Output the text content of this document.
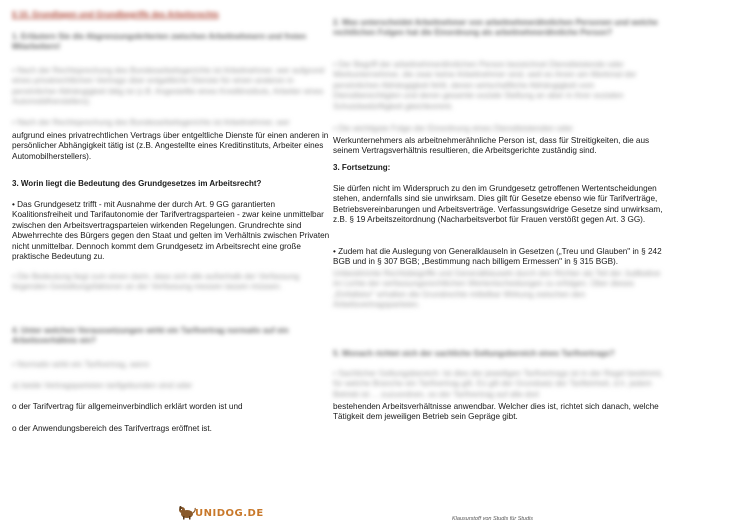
§ 10. Grundlagen und Grundbegriffe des Arbeitsrechts

1. Erläutern Sie die Abgrenzungskriterien zwischen Arbeitnehmern und freien Mitarbeitern!

• Nach der Rechtsprechung des Bundesarbeitsgerichts ist Arbeitnehmer, wer aufgrund eines privatrechtlichen Vertrags über entgeltliche Dienste für einen anderen in persönlicher Abhängigkeit tätig ist (z.B. Angestellte eines Kreditinstituts, Arbeiter eines Automobilherstellers).

• Nach der Rechtsprechung des Bundesarbeitsgerichts ist Arbeitnehmer, wer

aufgrund eines privatrechtlichen Vertrags über entgeltliche Dienste für einen anderen in persönlicher Abhängigkeit tätig ist (z.B. Angestellte eines Kreditinstituts, Arbeiter eines Automobilherstellers).

3. Worin liegt die Bedeutung des Grundgesetzes im Arbeitsrecht?

• Das Grundgesetz trifft - mit Ausnahme der durch Art. 9 GG garantierten Koalitionsfreiheit und Tarifautonomie der Tarifvertragsparteien - zwar keine unmittelbar zwischen den Arbeitsvertragsparteien wirkenden Regelungen. Grundrechte sind Abwehrrechte des Bürgers gegen den Staat und gelten im Verhältnis zwischen Privaten nicht unmittelbar. Dennoch kommt dem Grundgesetz im Arbeitsrecht eine große praktische Bedeutung zu.

• Die Bedeutung liegt zum einen darin, dass sich alle außerhalb der Verfassung liegenden Gestaltungsfaktoren an der Verfassung messen lassen müssen.

4. Unter welchen Voraussetzungen wirkt ein Tarifvertrag normativ auf ein Arbeitsverhältnis ein?

• Normativ wirkt ein Tarifvertrag, wenn

a) beide Vertragsparteien tarifgebunden sind oder

o der Tarifvertrag für allgemeinverbindlich erklärt worden ist und

o der Anwendungsbereich des Tarifvertrags eröffnet ist.

2. Was unterscheidet Arbeitnehmer von arbeitnehmerähnlichen Personen und welche rechtlichen Folgen hat die Einordnung als arbeitnehmerähnliche Person?

• Der Begriff der arbeitnehmerähnlichen Person bezeichnet Dienstleistende oder Werkunternehmer, die zwar keine Arbeitnehmer sind, weil es ihnen am Merkmal der persönlichen Abhängigkeit fehlt, denen wirtschaftliche Abhängigkeit vom Dienstberechtigten und deren gesamte soziale Stellung an aber in ihrer sozialen Schutzbedürftigkeit gleichkommt.

• Die wichtigste Folge der Einordnung eines Dienstleistenden oder

Werkunternehmers als arbeitnehmerähnliche Person ist, dass für Streitigkeiten, die aus seinem Vertragsverhältnis resultieren, die Arbeitsgerichte zuständig sind.

3. Fortsetzung:

Sie dürfen nicht im Widerspruch zu den im Grundgesetz getroffenen Wertentscheidungen stehen, andernfalls sind sie unwirksam. Dies gilt für Gesetze ebenso wie für Tarifverträge, Betriebsvereinbarungen und Arbeitsverträge. Verfassungswidrige Gesetze sind unwirksam, z.B. § 19 Arbeitszeitordnung (Nacharbeitsverbot für Frauen verstößt gegen Art. 3 GG).

• Zudem hat die Auslegung von Generalklauseln in Gesetzen („Treu und Glauben" in § 242 BGB und in § 307 BGB; „Bestimmung nach billigem Ermessen" in § 315 BGB).

Unbestimmte Rechtsbegriffe und Generalklauseln durch den Richter als Teil der Judikative im Lichte der verfassungsrechtlichen Wertentscheidungen zu erfolgen. Über dieses „Einfallstor" erhalten die Grundrechte mittelbar Wirkung zwischen den Arbeitsvertragsparteien.

5. Wonach richtet sich der sachliche Geltungsbereich eines Tarifvertrags?

• Sachlicher Geltungsbereich: Ist dies der jeweiligen Tarifvertrags ist in der Regel bestimmt, für welche Branche ein Tarifvertrag gilt. Es gilt der Grundsatz der Tarifeinheit, d.h. jedem Betrieb ist ... zuzuordnen, so der Tarifvertrag auf alle dort

bestehenden Arbeitsverhältnisse anwendbar. Welcher dies ist, richtet sich danach, welche Tätigkeit dem jeweiligen Betrieb sein Gepräge gibt.

UNIDOG.DE	Klausurstoff von Studis für Studis
